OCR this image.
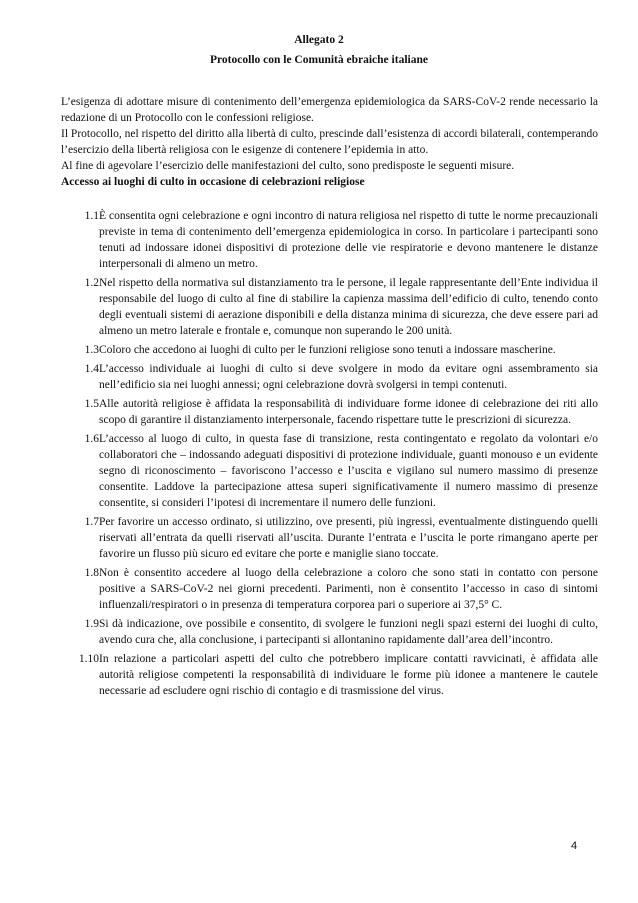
Allegato 2
Protocollo con le Comunità ebraiche italiane

L’esigenza di adottare misure di contenimento dell’emergenza epidemiologica da SARS-CoV-2 rende necessario la redazione di un Protocollo con le confessioni religiose.

Il Protocollo, nel rispetto del diritto alla libertà di culto, prescinde dall’esistenza di accordi bilaterali, contemperando l’esercizio della libertà religiosa con le esigenze di contenere l’epidemia in atto.

Al fine di agevolare l’esercizio delle manifestazioni del culto, sono predisposte le seguenti misure.

Accesso ai luoghi di culto in occasione di celebrazioni religiose

1.1 È consentita ogni celebrazione e ogni incontro di natura religiosa nel rispetto di tutte le norme precauzionali previste in tema di contenimento dell’emergenza epidemiologica in corso. In particolare i partecipanti sono tenuti ad indossare idonei dispositivi di protezione delle vie respiratorie e devono mantenere le distanze interpersonali di almeno un metro.
1.2 Nel rispetto della normativa sul distanziamento tra le persone, il legale rappresentante dell’Ente individua il responsabile del luogo di culto al fine di stabilire la capienza massima dell’edificio di culto, tenendo conto degli eventuali sistemi di aerazione disponibili e della distanza minima di sicurezza, che deve essere pari ad almeno un metro laterale e frontale e, comunque non superando le 200 unità.
1.3 Coloro che accedono ai luoghi di culto per le funzioni religiose sono tenuti a indossare mascherine.
1.4 L’accesso individuale ai luoghi di culto si deve svolgere in modo da evitare ogni assembramento sia nell’edificio sia nei luoghi annessi; ogni celebrazione dovrà svolgersi in tempi contenuti.
1.5 Alle autorità religiose è affidata la responsabilità di individuare forme idonee di celebrazione dei riti allo scopo di garantire il distanziamento interpersonale, facendo rispettare tutte le prescrizioni di sicurezza.
1.6 L’accesso al luogo di culto, in questa fase di transizione, resta contingentato e regolato da volontari e/o collaboratori che – indossando adeguati dispositivi di protezione individuale, guanti monouso e un evidente segno di riconoscimento – favoriscono l’accesso e l’uscita e vigilano sul numero massimo di presenze consentite. Laddove la partecipazione attesa superi significativamente il numero massimo di presenze consentite, si consideri l’ipotesi di incrementare il numero delle funzioni.
1.7 Per favorire un accesso ordinato, si utilizzino, ove presenti, più ingressi, eventualmente distinguendo quelli riservati all’entrata da quelli riservati all’uscita. Durante l’entrata e l’uscita le porte rimangano aperte per favorire un flusso più sicuro ed evitare che porte e maniglie siano toccate.
1.8 Non è consentito accedere al luogo della celebrazione a coloro che sono stati in contatto con persone positive a SARS-CoV-2 nei giorni precedenti. Parimenti, non è consentito l’accesso in caso di sintomi influenzali/respiratori o in presenza di temperatura corporea pari o superiore ai 37,5° C.
1.9 Si dà indicazione, ove possibile e consentito, di svolgere le funzioni negli spazi esterni dei luoghi di culto, avendo cura che, alla conclusione, i partecipanti si allontanino rapidamente dall’area dell’incontro.
1.10 In relazione a particolari aspetti del culto che potrebbero implicare contatti ravvicinati, è affidata alle autorità religiose competenti la responsabilità di individuare le forme più idonee a mantenere le cautele necessarie ad escludere ogni rischio di contagio e di trasmissione del virus.
4
